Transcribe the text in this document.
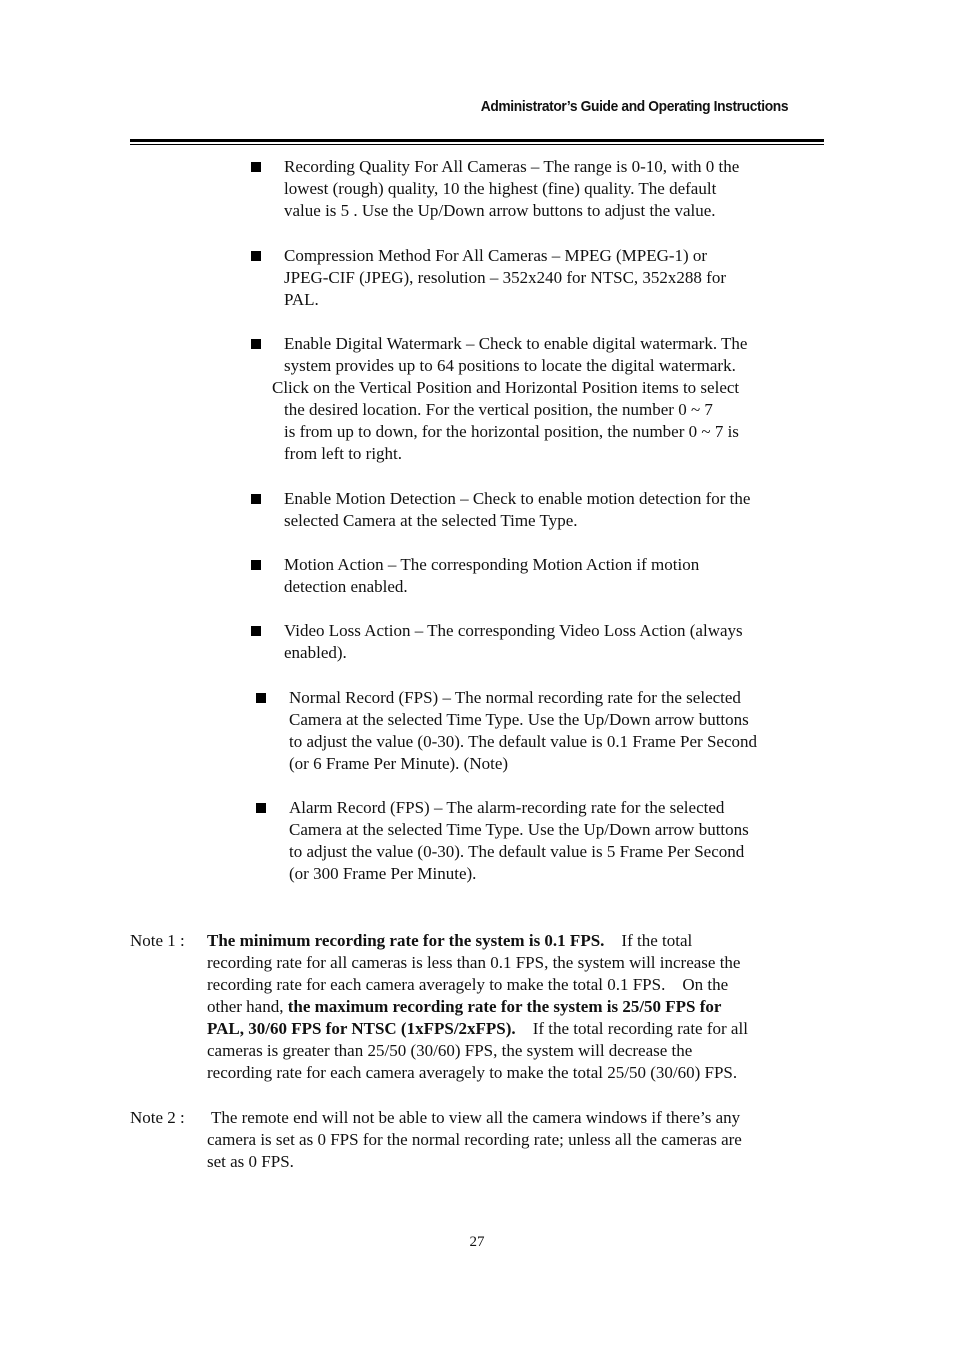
Administrator’s Guide and Operating Instructions
Recording Quality For All Cameras – The range is 0-10, with 0 the
lowest (rough) quality, 10 the highest (fine) quality. The default
value is 5 . Use the Up/Down arrow buttons to adjust the value.
Compression Method For All Cameras – MPEG (MPEG-1) or
JPEG-CIF (JPEG), resolution – 352x240 for NTSC, 352x288 for
PAL.
Enable Digital Watermark – Check to enable digital watermark. The
system provides up to 64 positions to locate the digital watermark.
Click on the Vertical Position and Horizontal Position items to select
the desired location. For the vertical position, the number 0 ~ 7
is from up to down, for the horizontal position, the number 0 ~ 7 is
from left to right.
Enable Motion Detection – Check to enable motion detection for the
selected Camera at the selected Time Type.
Motion Action – The corresponding Motion Action if motion
detection enabled.
Video Loss Action – The corresponding Video Loss Action (always
enabled).
Normal Record (FPS) – The normal recording rate for the selected
Camera at the selected Time Type. Use the Up/Down arrow buttons
to adjust the value (0-30). The default value is 0.1 Frame Per Second
(or 6 Frame Per Minute). (Note)
Alarm Record (FPS) – The alarm-recording rate for the selected
Camera at the selected Time Type. Use the Up/Down arrow buttons
to adjust the value (0-30). The default value is 5 Frame Per Second
(or 300 Frame Per Minute).
Note 1 : The minimum recording rate for the system is 0.1 FPS.    If the total
recording rate for all cameras is less than 0.1 FPS, the system will increase the
recording rate for each camera averagely to make the total 0.1 FPS.    On the
other hand, the maximum recording rate for the system is 25/50 FPS for
PAL, 30/60 FPS for NTSC (1xFPS/2xFPS).    If the total recording rate for all
cameras is greater than 25/50 (30/60) FPS, the system will decrease the
recording rate for each camera averagely to make the total 25/50 (30/60) FPS.
Note 2 : The remote end will not be able to view all the camera windows if there’s any
camera is set as 0 FPS for the normal recording rate; unless all the cameras are
set as 0 FPS.
27
